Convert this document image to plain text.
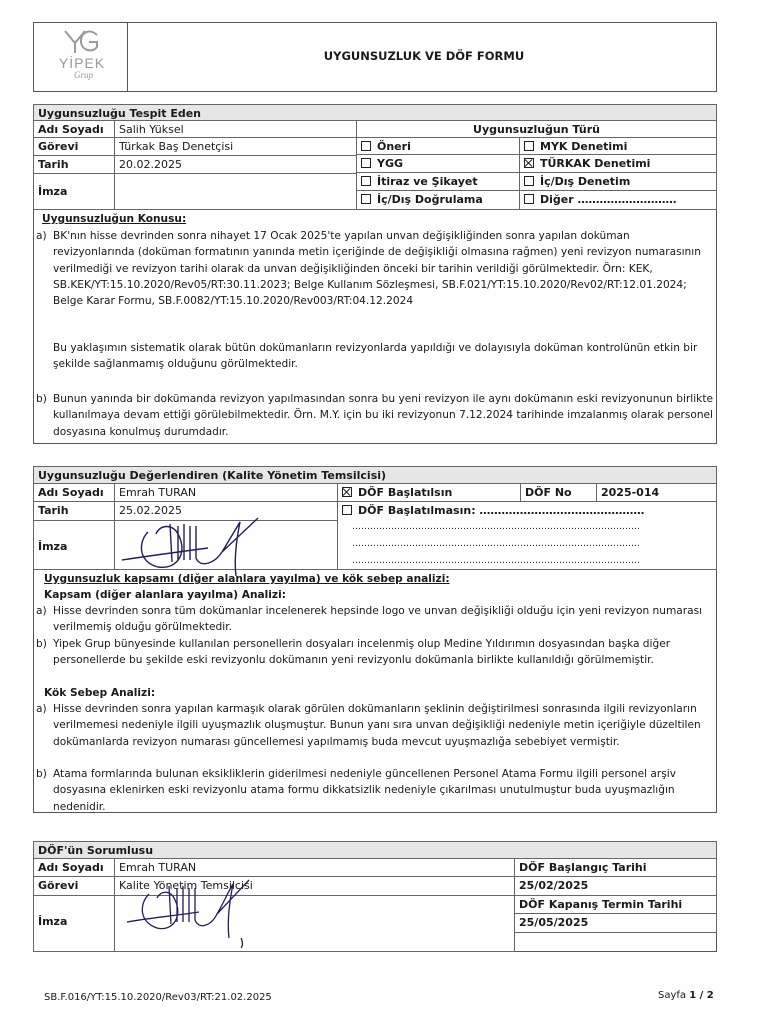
YİPEK
Grup
UYGUNSUZLUK VE DÖF FORMU
Uygunsuzluğu Tespit Eden
Adı Soyadı	Salih Yüksel
Görevi	Türkak Baş Denetçisi
Tarih	20.02.2025
İmza
Uygunsuzluğun Türü
Öneri	MYK Denetimi
YGG	TÜRKAK Denetimi
İtiraz ve Şikayet	İç/Dış Denetim
İç/Dış Doğrulama	Diğer ………………………
Uygunsuzluğun Konusu:
a) BK'nın hisse devrinden sonra nihayet 17 Ocak 2025'te yapılan unvan değişikliğinden sonra yapılan doküman revizyonlarında (doküman formatının yanında metin içeriğinde de değişikliği olmasına rağmen) yeni revizyon numarasının verilmediği ve revizyon tarihi olarak da unvan değişikliğinden önceki bir tarihin verildiği görülmektedir. Örn: KEK, SB.KEK/YT:15.10.2020/Rev05/RT:30.11.2023; Belge Kullanım Sözleşmesi, SB.F.021/YT:15.10.2020/Rev02/RT:12.01.2024; Belge Karar Formu, SB.F.0082/YT:15.10.2020/Rev003/RT:04.12.2024
Bu yaklaşımın sistematik olarak bütün dokümanların revizyonlarda yapıldığı ve dolayısıyla doküman kontrolünün etkin bir şekilde sağlanmamış olduğunu görülmektedir.
b) Bunun yanında bir dokümanda revizyon yapılmasından sonra bu yeni revizyon ile aynı dokümanın eski revizyonunun birlikte kullanılmaya devam ettiği görülebilmektedir. Örn. M.Y. için bu iki revizyonun 7.12.2024 tarihinde imzalanmış olarak personel dosyasına konulmuş durumdadır.
Uygunsuzluğu Değerlendiren (Kalite Yönetim Temsilcisi)
Adı Soyadı	Emrah TURAN
Tarih	25.02.2025
İmza
DÖF Başlatılsın	DÖF No	2025-014
DÖF Başlatılmasın: ………………………………………
……………………………………………………………………………………
……………………………………………………………………………………
……………………………………………………………………………………
Uygunsuzluk kapsamı (diğer alanlara yayılma) ve kök sebep analizi:
Kapsam (diğer alanlara yayılma) Analizi:
a) Hisse devrinden sonra tüm dokümanlar incelenerek hepsinde logo ve unvan değişikliği olduğu için yeni revizyon numarası verilmemiş olduğu görülmektedir.
b) Yipek Grup bünyesinde kullanılan personellerin dosyaları incelenmiş olup Medine Yıldırımın dosyasından başka diğer personellerde bu şekilde eski revizyonlu dokümanın yeni revizyonlu dokümanla birlikte kullanıldığı görülmemiştir.
Kök Sebep Analizi:
a) Hisse devrinden sonra yapılan karmaşık olarak görülen dokümanların şeklinin değiştirilmesi sonrasında ilgili revizyonların verilmemesi nedeniyle ilgili uyuşmazlık oluşmuştur. Bunun yanı sıra unvan değişikliği nedeniyle metin içeriğiyle düzeltilen dokümanlarda revizyon numarası güncellemesi yapılmamış buda mevcut uyuşmazlığa sebebiyet vermiştir.
b) Atama formlarında bulunan eksikliklerin giderilmesi nedeniyle güncellenen Personel Atama Formu ilgili personel arşiv dosyasına eklenirken eski revizyonlu atama formu dikkatsizlik nedeniyle çıkarılması unutulmuştur buda uyuşmazlığın nedenidir.
DÖF'ün Sorumlusu
Adı Soyadı	Emrah TURAN
Görevi	Kalite Yönetim Temsilcisi
İmza
DÖF Başlangıç Tarihi
25/02/2025
DÖF Kapanış Termin Tarihi
25/05/2025
SB.F.016/YT:15.10.2020/Rev03/RT:21.02.2025	Sayfa 1 / 2
